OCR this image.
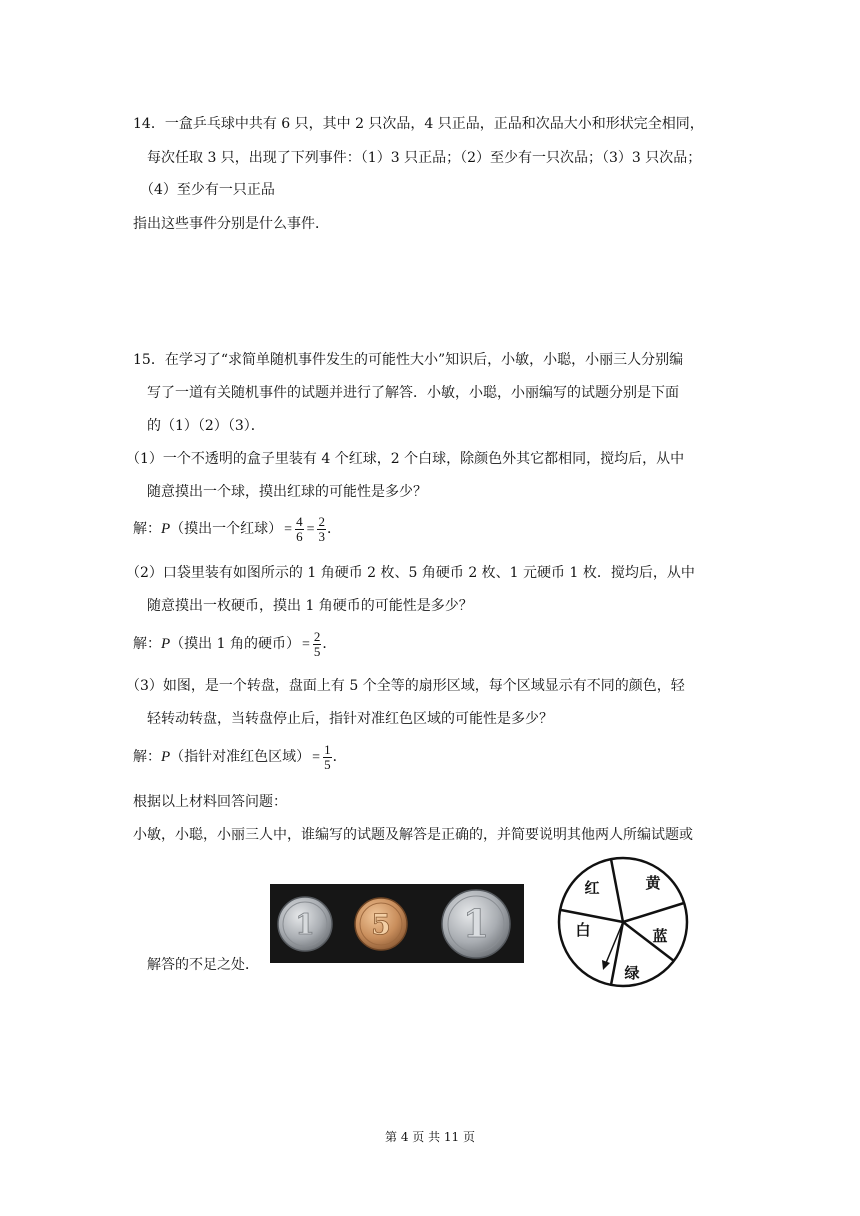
14．一盒乒乓球中共有 6 只，其中 2 只次品，4 只正品，正品和次品大小和形状完全相同，
每次任取 3 只，出现了下列事件：（1）3 只正品；（2）至少有一只次品；（3）3 只次品；
（4）至少有一只正品
指出这些事件分别是什么事件．
15．在学习了“求简单随机事件发生的可能性大小”知识后，小敏，小聪，小丽三人分别编
写了一道有关随机事件的试题并进行了解答．小敏，小聪，小丽编写的试题分别是下面
的（1）（2）（3）．
（1）一个不透明的盒子里装有 4 个红球，2 个白球，除颜色外其它都相同，搅均后，从中
随意摸出一个球，摸出红球的可能性是多少？
解：P（摸出一个红球） = $\frac{4}{6} = \frac{2}{3}$ ．
（2）口袋里装有如图所示的 1 角硬币 2 枚、5 角硬币 2 枚、1 元硬币 1 枚．搅均后，从中
随意摸出一枚硬币，摸出 1 角硬币的可能性是多少？
解：P（摸出 1 角的硬币） = $\frac{2}{5}$ ．
（3）如图，是一个转盘，盘面上有 5 个全等的扇形区域，每个区域显示有不同的颜色，轻
轻转动转盘，当转盘停止后，指针对准红色区域的可能性是多少？
解：P（指针对准红色区域） = $\frac{1}{5}$ ．
根据以上材料回答问题：
小敏，小聪，小丽三人中，谁编写的试题及解答是正确的，并简要说明其他两人所编试题或
解答的不足之处．
1 5 1
红	黄
白	蓝
绿
第 4 页 共 11 页
